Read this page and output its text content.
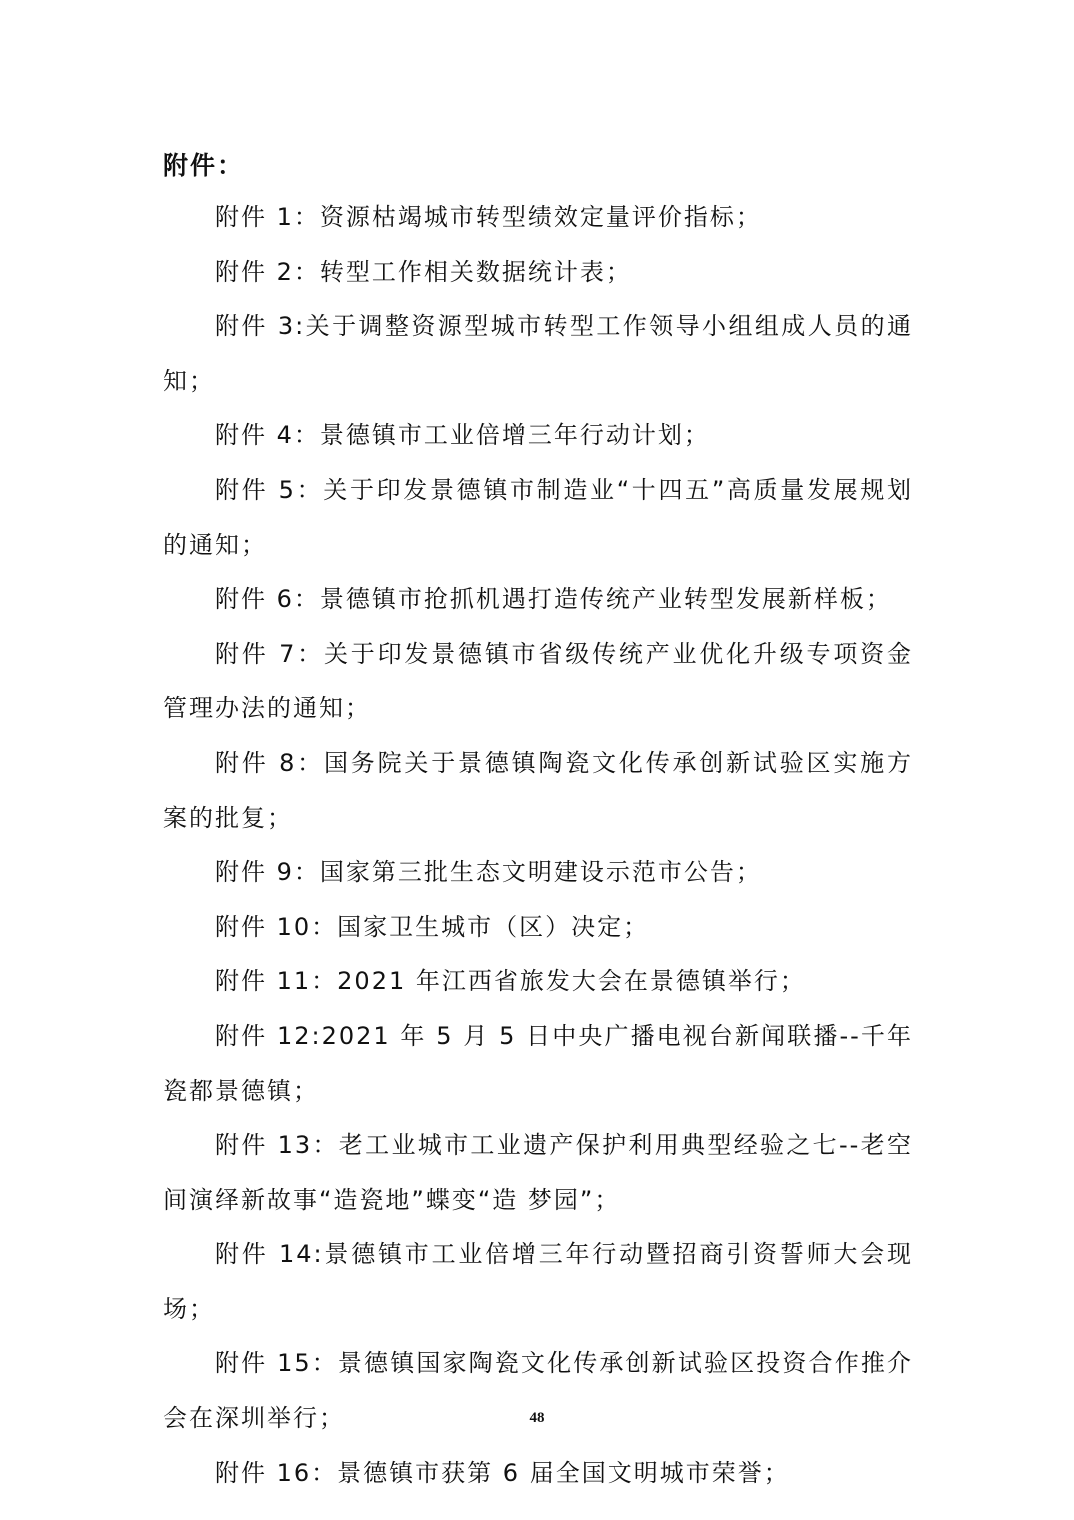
附件：
附件 1：资源枯竭城市转型绩效定量评价指标；
附件 2：转型工作相关数据统计表；
附件 3:关于调整资源型城市转型工作领导小组组成人员的通知；
附件 4：景德镇市工业倍增三年行动计划；
附件 5：关于印发景德镇市制造业“十四五”高质量发展规划的通知；
附件 6：景德镇市抢抓机遇打造传统产业转型发展新样板；
附件 7：关于印发景德镇市省级传统产业优化升级专项资金管理办法的通知；
附件 8：国务院关于景德镇陶瓷文化传承创新试验区实施方案的批复；
附件 9：国家第三批生态文明建设示范市公告；
附件 10：国家卫生城市（区）决定；
附件 11：2021 年江西省旅发大会在景德镇举行；
附件 12:2021 年 5 月 5 日中央广播电视台新闻联播--千年瓷都景德镇；
附件 13：老工业城市工业遗产保护利用典型经验之七--老空间演绎新故事“造瓷地”蝶变“造 梦园”；
附件 14:景德镇市工业倍增三年行动暨招商引资誓师大会现场；
附件 15：景德镇国家陶瓷文化传承创新试验区投资合作推介会在深圳举行；
附件 16：景德镇市获第 6 届全国文明城市荣誉；
48
